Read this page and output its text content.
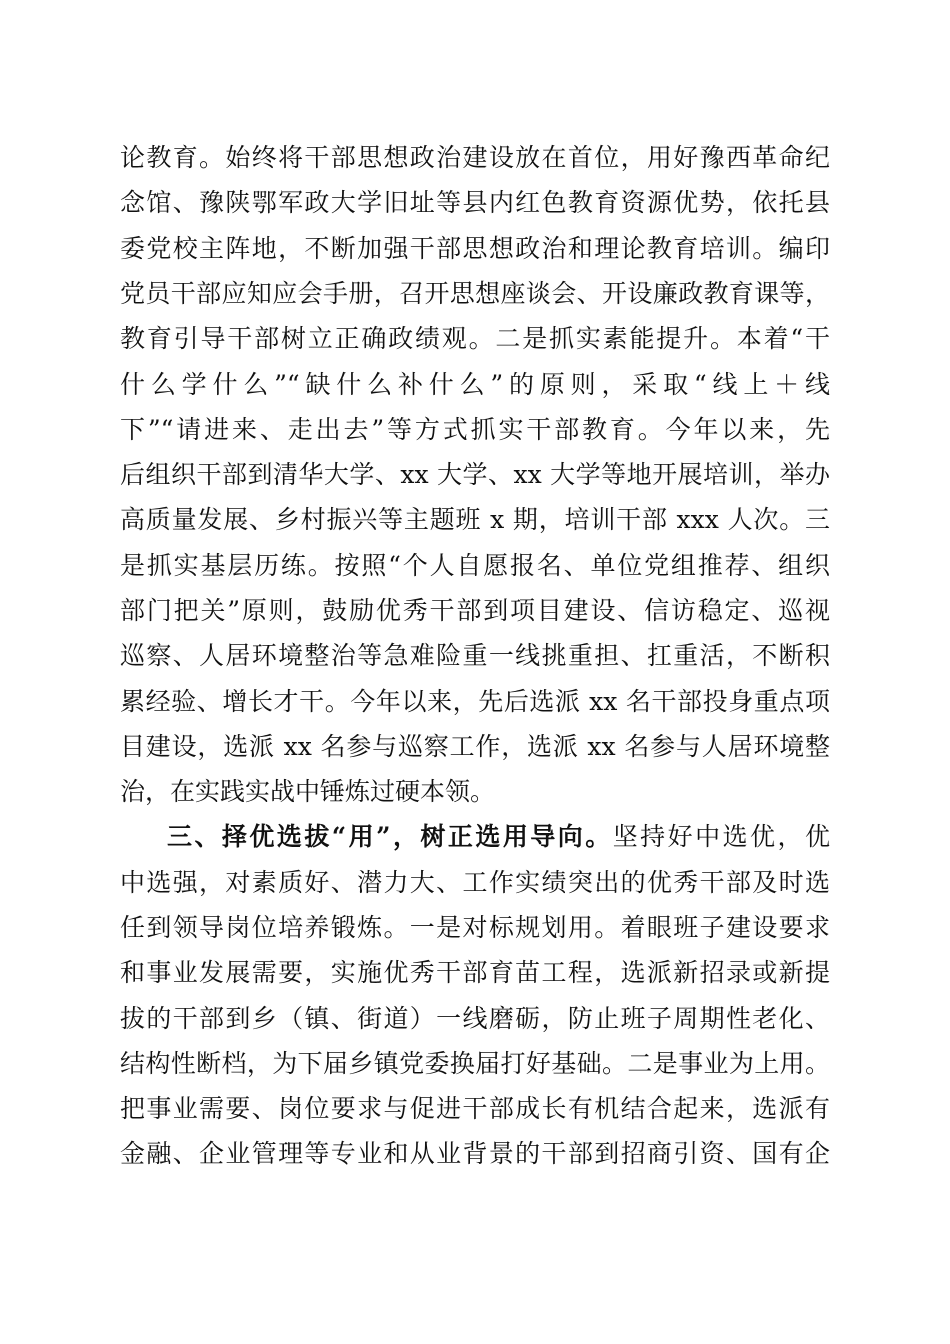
论教育。始终将干部思想政治建设放在首位，用好豫西革命纪
念馆、豫陕鄂军政大学旧址等县内红色教育资源优势，依托县
委党校主阵地，不断加强干部思想政治和理论教育培训。编印
党员干部应知应会手册，召开思想座谈会、开设廉政教育课等，
教育引导干部树立正确政绩观。二是抓实素能提升。本着“干
什么学什么”“缺什么补什么”的原则，采取“线上＋线
下”“请进来、走出去”等方式抓实干部教育。今年以来，先
后组织干部到清华大学、xx 大学、xx 大学等地开展培训，举办
高质量发展、乡村振兴等主题班 x 期，培训干部 xxx 人次。三
是抓实基层历练。按照“个人自愿报名、单位党组推荐、组织
部门把关”原则，鼓励优秀干部到项目建设、信访稳定、巡视
巡察、人居环境整治等急难险重一线挑重担、扛重活，不断积
累经验、增长才干。今年以来，先后选派 xx 名干部投身重点项
目建设，选派 xx 名参与巡察工作，选派 xx 名参与人居环境整
治，在实践实战中锤炼过硬本领。
三、择优选拔“用”，树正选用导向。坚持好中选优，优
中选强，对素质好、潜力大、工作实绩突出的优秀干部及时选
任到领导岗位培养锻炼。一是对标规划用。着眼班子建设要求
和事业发展需要，实施优秀干部育苗工程，选派新招录或新提
拔的干部到乡（镇、街道）一线磨砺，防止班子周期性老化、
结构性断档，为下届乡镇党委换届打好基础。二是事业为上用。
把事业需要、岗位要求与促进干部成长有机结合起来，选派有
金融、企业管理等专业和从业背景的干部到招商引资、国有企
